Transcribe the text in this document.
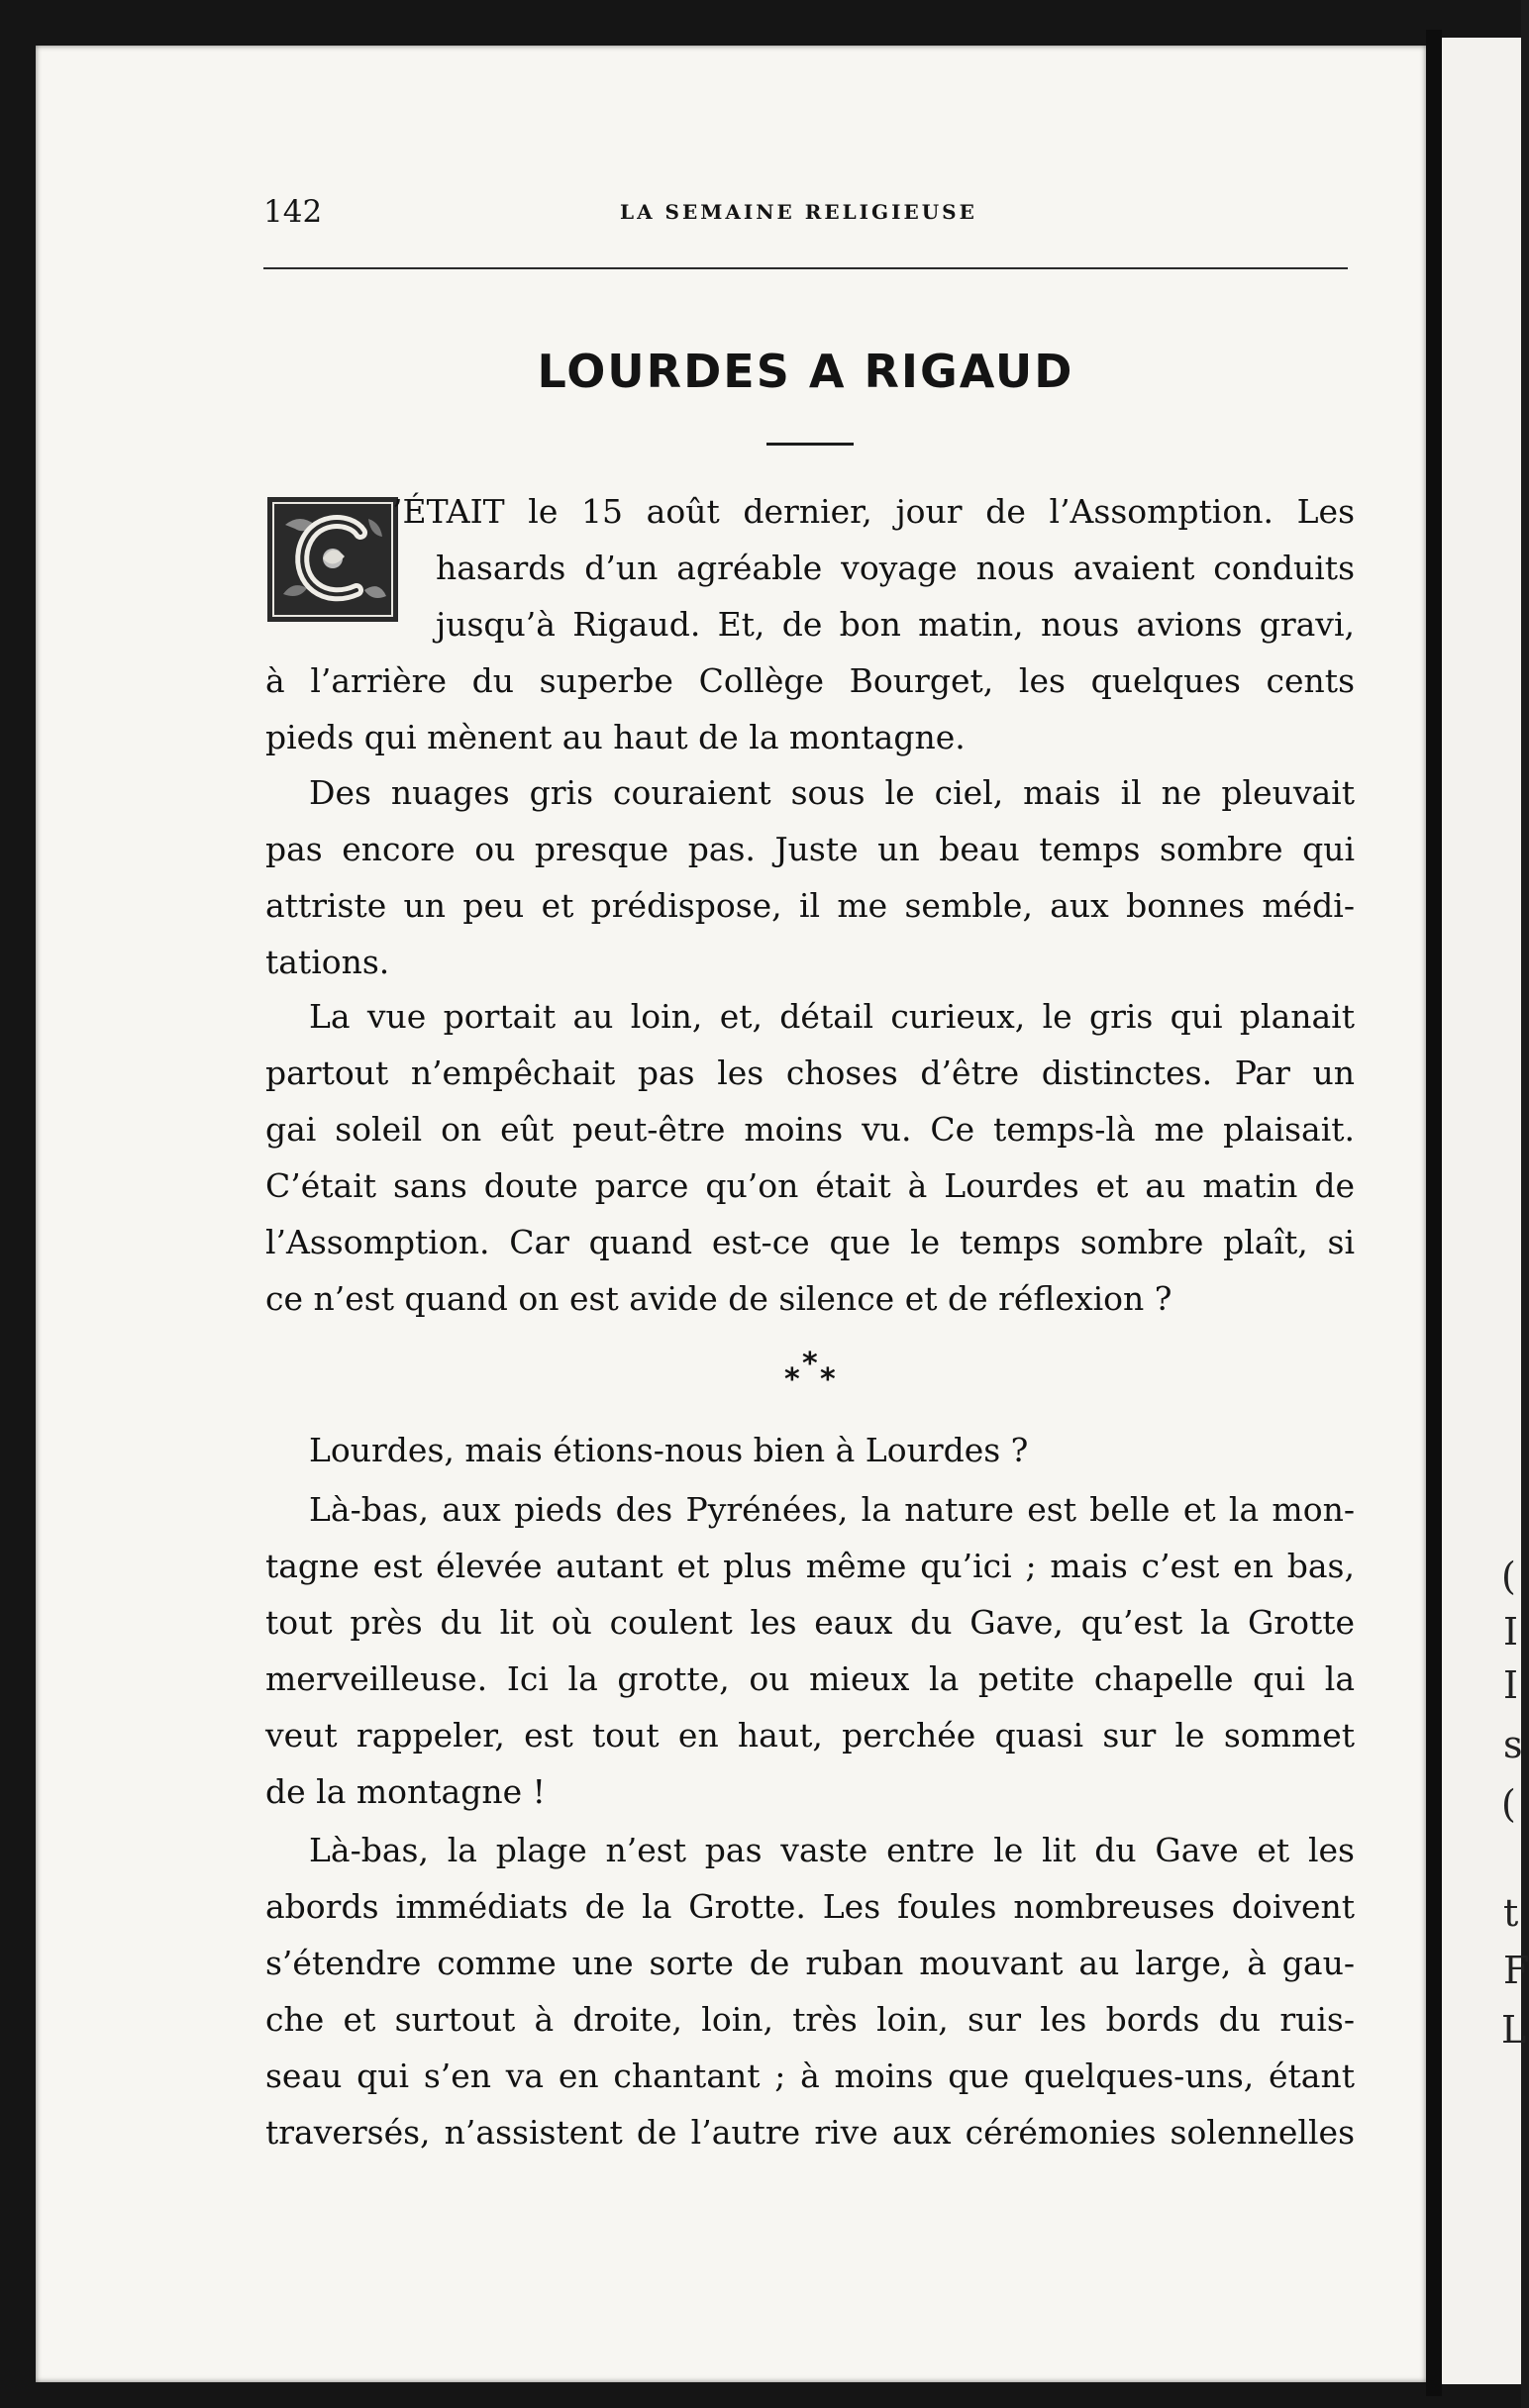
(
I
I
s
(
t
F
L
142	LA SEMAINE RELIGIEUSE
LOURDES A RIGAUD
’ÉTAIT le 15 août dernier, jour de l’Assomption. Les
hasards d’un agréable voyage nous avaient conduits
jusqu’à Rigaud. Et, de bon matin, nous avions gravi,
à l’arrière du superbe Collège Bourget, les quelques cents
pieds qui mènent au haut de la montagne.
Des nuages gris couraient sous le ciel, mais il ne pleuvait
pas encore ou presque pas. Juste un beau temps sombre qui
attriste un peu et prédispose, il me semble, aux bonnes médi-
tations.
La vue portait au loin, et, détail curieux, le gris qui planait
partout n’empêchait pas les choses d’être distinctes. Par un
gai soleil on eût peut-être moins vu. Ce temps-là me plaisait.
C’était sans doute parce qu’on était à Lourdes et au matin de
l’Assomption. Car quand est-ce que le temps sombre plaît, si
ce n’est quand on est avide de silence et de réflexion ?
*
* *
Lourdes, mais étions-nous bien à Lourdes ?
Là-bas, aux pieds des Pyrénées, la nature est belle et la mon-
tagne est élevée autant et plus même qu’ici ; mais c’est en bas,
tout près du lit où coulent les eaux du Gave, qu’est la Grotte
merveilleuse. Ici la grotte, ou mieux la petite chapelle qui la
veut rappeler, est tout en haut, perchée quasi sur le sommet
de la montagne !
Là-bas, la plage n’est pas vaste entre le lit du Gave et les
abords immédiats de la Grotte. Les foules nombreuses doivent
s’étendre comme une sorte de ruban mouvant au large, à gau-
che et surtout à droite, loin, très loin, sur les bords du ruis-
seau qui s’en va en chantant ; à moins que quelques-uns, étant
traversés, n’assistent de l’autre rive aux cérémonies solennelles
